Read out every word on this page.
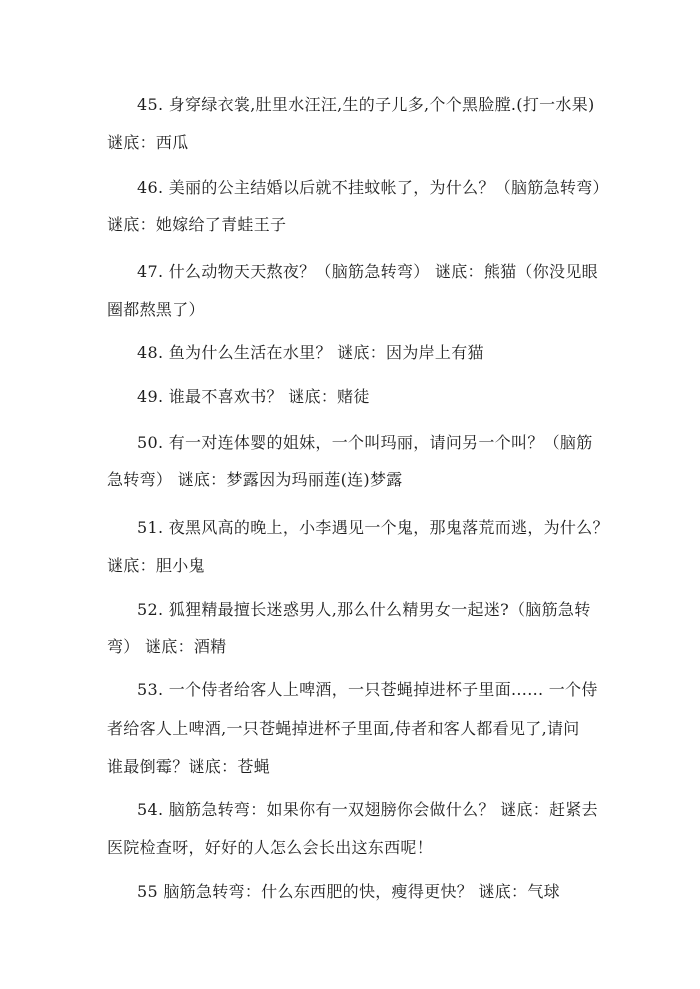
45. 身穿绿衣裳,肚里水汪汪,生的子儿多,个个黑脸膛.(打一水果)
谜底：西瓜
46. 美丽的公主结婚以后就不挂蚊帐了，为什么？（脑筋急转弯）
谜底：她嫁给了青蛙王子
47. 什么动物天天熬夜？（脑筋急转弯） 谜底：熊猫（你没见眼
圈都熬黑了）
48. 鱼为什么生活在水里？ 谜底：因为岸上有猫
49. 谁最不喜欢书？ 谜底：赌徒
50. 有一对连体婴的姐妹，一个叫玛丽，请问另一个叫？（脑筋
急转弯） 谜底：梦露因为玛丽莲(连)梦露
51. 夜黑风高的晚上，小李遇见一个鬼，那鬼落荒而逃，为什么？
谜底：胆小鬼
52. 狐狸精最擅长迷惑男人,那么什么精男女一起迷?（脑筋急转
弯） 谜底：酒精
53. 一个侍者给客人上啤酒，一只苍蝇掉进杯子里面...... 一个侍
者给客人上啤酒,一只苍蝇掉进杯子里面,侍者和客人都看见了,请问
谁最倒霉？谜底：苍蝇
54. 脑筋急转弯：如果你有一双翅膀你会做什么？ 谜底：赶紧去
医院检查呀，好好的人怎么会长出这东西呢！
55 脑筋急转弯：什么东西肥的快，瘦得更快？ 谜底：气球
